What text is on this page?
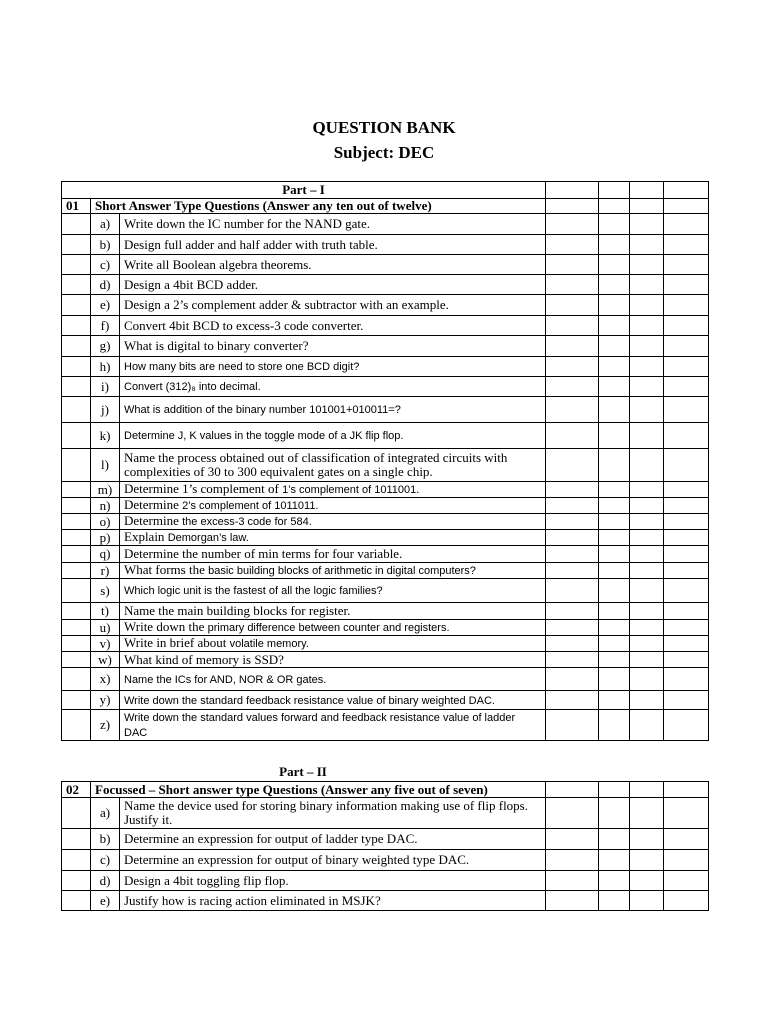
QUESTION BANK
Subject: DEC
Part – I						
01	Short Answer Type Questions (Answer any ten out of twelve)					
	a)	Write down the IC number for the NAND gate.				
	b)	Design full adder and half adder with truth table.				
	c)	Write all Boolean algebra theorems.				
	d)	Design a 4bit BCD adder.				
	e)	Design a 2’s complement adder & subtractor with an example.				
	f)	Convert 4bit BCD to excess-3 code converter.				
	g)	What is digital to binary converter?				
	h)	How many bits are need to store one BCD digit?				
	i)	Convert (312)₈ into decimal.				
	j)	What is addition of the binary number 101001+010011=?				
	k)	Determine J, K values in the toggle mode of a JK flip flop.				
	l)	Name the process obtained out of classification of integrated circuits with complexities of 30 to 300 equivalent gates on a single chip.				
	m)	Determine 1’s complement of 1’s complement of 1011001.				
	n)	Determine 2’s complement of 1011011.				
	o)	Determine the excess-3 code for 584.				
	p)	Explain Demorgan’s law.				
	q)	Determine the number of min terms for four variable.				
	r)	What forms the basic building blocks of arithmetic in digital computers?				
	s)	Which logic unit is the fastest of all the logic families?				
	t)	Name the main building blocks for register.				
	u)	Write down the primary difference between counter and registers.				
	v)	Write in brief about volatile memory.				
	w)	What kind of memory is SSD?				
	x)	Name the ICs for AND, NOR & OR gates.				
	y)	Write down the standard feedback resistance value of binary weighted DAC.				
	z)	Write down the standard values forward and feedback resistance value of ladder DAC				
Part – II
02	Focussed – Short answer type Questions (Answer any five out of seven)					
	a)	Name the device used for storing binary information making use of flip flops. Justify it.				
	b)	Determine an expression for output of ladder type DAC.				
	c)	Determine an expression for output of binary weighted type DAC.				
	d)	Design a 4bit toggling flip flop.				
	e)	Justify how is racing action eliminated in MSJK?				
